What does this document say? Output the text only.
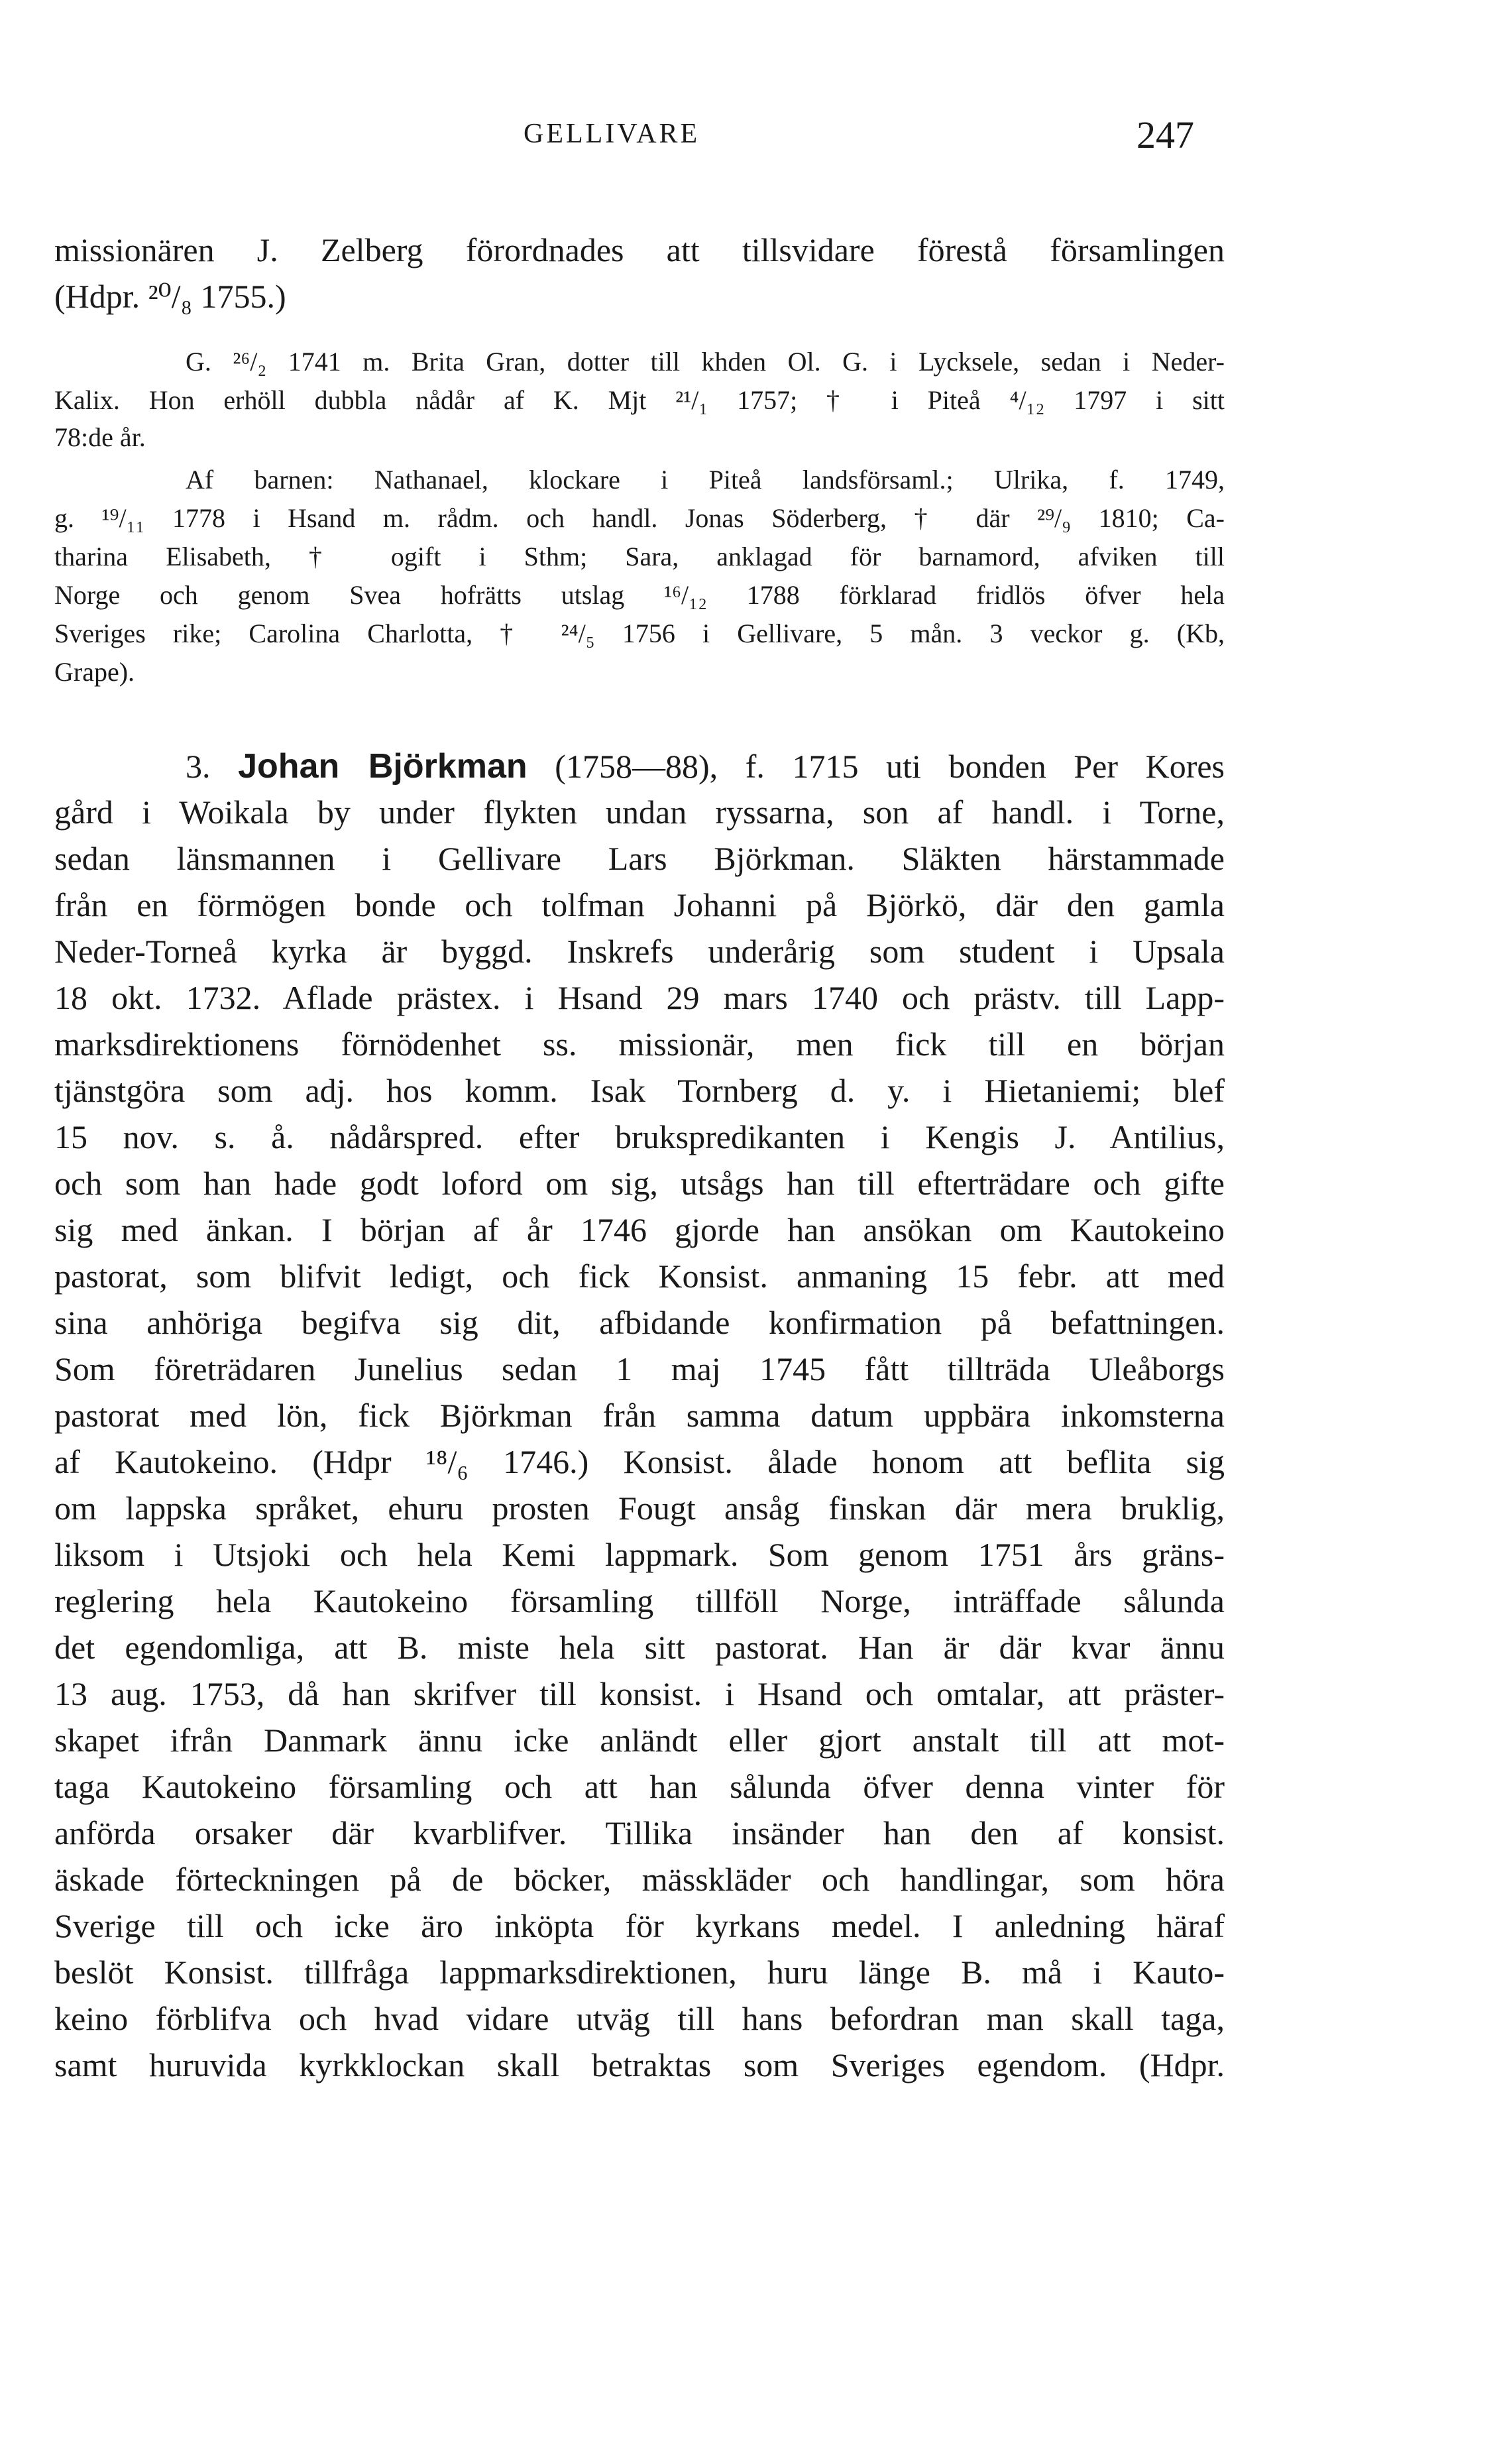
GELLIVARE	247
missionären J. Zelberg förordnades att tillsvidare förestå församlingen
(Hdpr. ²⁰/₈ 1755.)
G. ²⁶/₂ 1741 m. Brita Gran, dotter till khden Ol. G. i Lycksele, sedan i Neder-
Kalix. Hon erhöll dubbla nådår af K. Mjt ²¹/₁ 1757; † i Piteå ⁴/₁₂ 1797 i sitt
78:de år.
Af barnen: Nathanael, klockare i Piteå landsförsaml.; Ulrika, f. 1749,
g. ¹⁹/₁₁ 1778 i Hsand m. rådm. och handl. Jonas Söderberg, † där ²⁹/₉ 1810; Ca-
tharina Elisabeth, † ogift i Sthm; Sara, anklagad för barnamord, afviken till
Norge och genom Svea hofrätts utslag ¹⁶/₁₂ 1788 förklarad fridlös öfver hela
Sveriges rike; Carolina Charlotta, † ²⁴/₅ 1756 i Gellivare, 5 mån. 3 veckor g. (Kb,
Grape).
3. Johan Björkman (1758—88), f. 1715 uti bonden Per Kores
gård i Woikala by under flykten undan ryssarna, son af handl. i Torne,
sedan länsmannen i Gellivare Lars Björkman. Släkten härstammade
från en förmögen bonde och tolfman Johanni på Björkö, där den gamla
Neder-Torneå kyrka är byggd. Inskrefs underårig som student i Upsala
18 okt. 1732. Aflade prästex. i Hsand 29 mars 1740 och prästv. till Lapp-
marksdirektionens förnödenhet ss. missionär, men fick till en början
tjänstgöra som adj. hos komm. Isak Tornberg d. y. i Hietaniemi; blef
15 nov. s. å. nådårspred. efter brukspredikanten i Kengis J. Antilius,
och som han hade godt loford om sig, utsågs han till efterträdare och gifte
sig med änkan. I början af år 1746 gjorde han ansökan om Kautokeino
pastorat, som blifvit ledigt, och fick Konsist. anmaning 15 febr. att med
sina anhöriga begifva sig dit, afbidande konfirmation på befattningen.
Som företrädaren Junelius sedan 1 maj 1745 fått tillträda Uleåborgs
pastorat med lön, fick Björkman från samma datum uppbära inkomsterna
af Kautokeino. (Hdpr ¹⁸/₆ 1746.) Konsist. ålade honom att beflita sig
om lappska språket, ehuru prosten Fougt ansåg finskan där mera bruklig,
liksom i Utsjoki och hela Kemi lappmark. Som genom 1751 års gräns-
reglering hela Kautokeino församling tillföll Norge, inträffade sålunda
det egendomliga, att B. miste hela sitt pastorat. Han är där kvar ännu
13 aug. 1753, då han skrifver till konsist. i Hsand och omtalar, att präster-
skapet ifrån Danmark ännu icke anländt eller gjort anstalt till att mot-
taga Kautokeino församling och att han sålunda öfver denna vinter för
anförda orsaker där kvarblifver. Tillika insänder han den af konsist.
äskade förteckningen på de böcker, mässkläder och handlingar, som höra
Sverige till och icke äro inköpta för kyrkans medel. I anledning häraf
beslöt Konsist. tillfråga lappmarksdirektionen, huru länge B. må i Kauto-
keino förblifva och hvad vidare utväg till hans befordran man skall taga,
samt huruvida kyrkklockan skall betraktas som Sveriges egendom. (Hdpr.
